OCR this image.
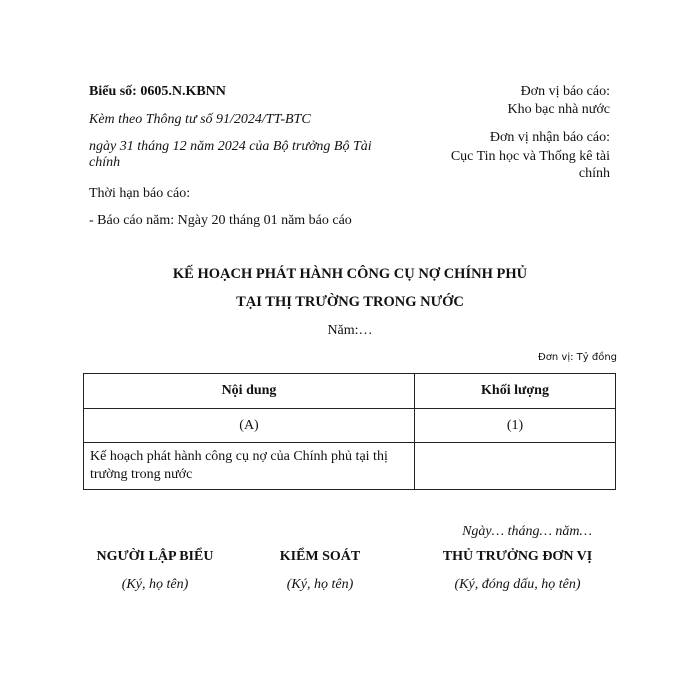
Biểu số: 0605.N.KBNN
Kèm theo Thông tư số 91/2024/TT-BTC
ngày 31 tháng 12 năm 2024 của Bộ trưởng Bộ Tài chính
Thời hạn báo cáo:
- Báo cáo năm: Ngày 20 tháng 01 năm báo cáo
Đơn vị báo cáo:
Kho bạc nhà nước
Đơn vị nhận báo cáo:
Cục Tin học và Thống kê tài chính
KẾ HOẠCH PHÁT HÀNH CÔNG CỤ NỢ CHÍNH PHỦ
TẠI THỊ TRƯỜNG TRONG NƯỚC
Năm:…
Đơn vị: Tỷ đồng
Nội dung	Khối lượng
(A)	(1)

Kế hoạch phát hành công cụ nợ của Chính phủ tại thị trường trong nước	

Ngày… tháng… năm…
NGƯỜI LẬP BIỂU	KIỂM SOÁT	THỦ TRƯỞNG ĐƠN VỊ
(Ký, họ tên)	(Ký, họ tên)	(Ký, đóng dấu, họ tên)
